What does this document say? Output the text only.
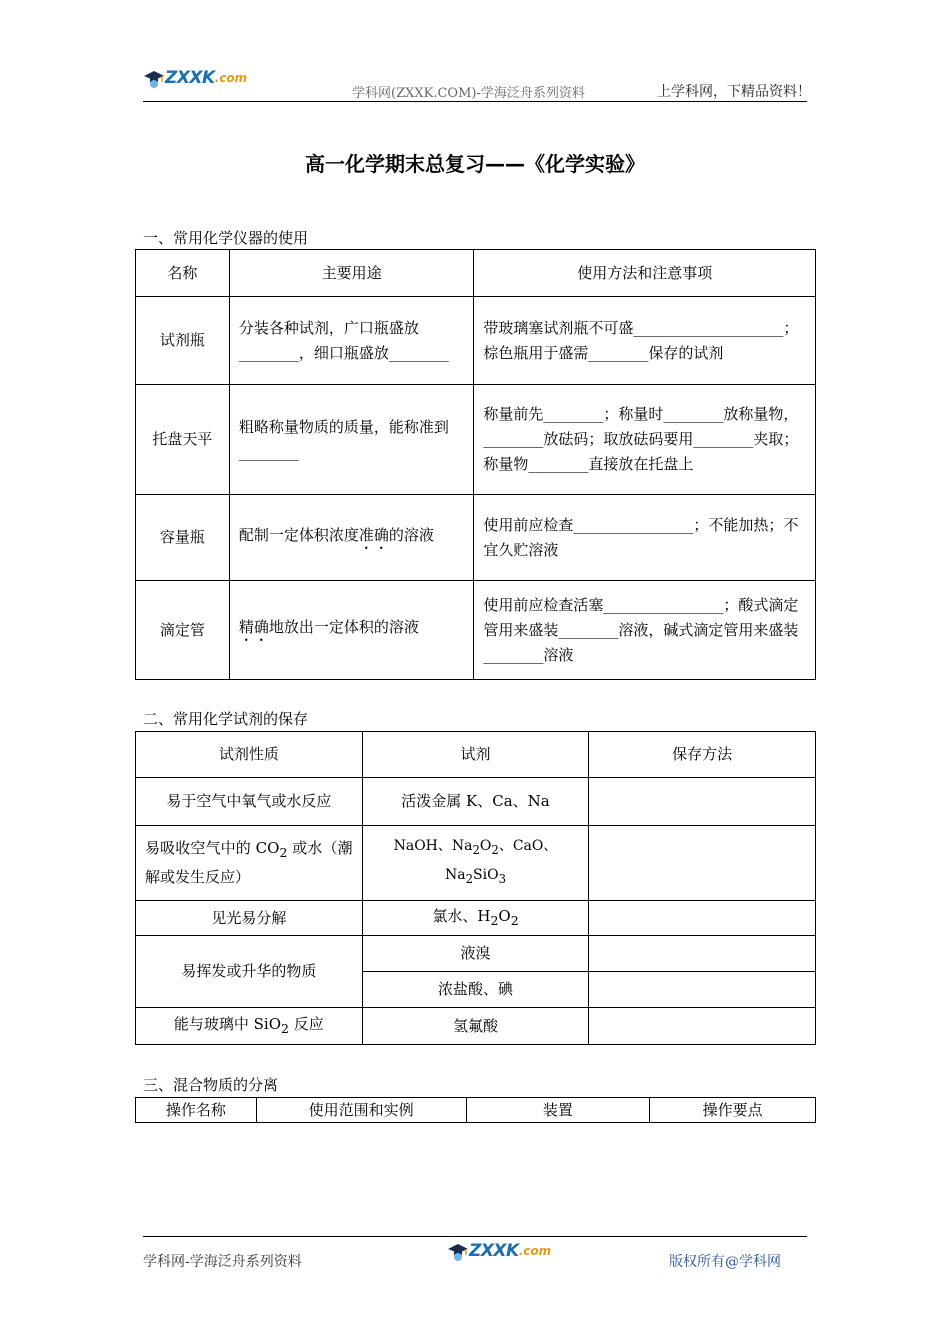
ZXXK .com
学科网(ZXXK.COM)-学海泛舟系列资料	上学科网，下精品资料！
高一化学期末总复习——《化学实验》
一、常用化学仪器的使用
名称	主要用途	使用方法和注意事项
试剂瓶	分装各种试剂，广口瓶盛放________，细口瓶盛放________	带玻璃塞试剂瓶不可盛____________________；棕色瓶用于盛需________保存的试剂
托盘天平	粗略称量物质的质量，能称准到________	称量前先________；称量时________放称量物，________放砝码；取放砝码要用________夹取；称量物________直接放在托盘上
容量瓶	配制一定体积浓度准确的溶液	使用前应检查________________；不能加热；不宜久贮溶液
滴定管	精确地放出一定体积的溶液	使用前应检查活塞________________；酸式滴定管用来盛装________溶液，碱式滴定管用来盛装________溶液
二、常用化学试剂的保存
试剂性质	试剂	保存方法
易于空气中氧气或水反应	活泼金属 K、Ca、Na	
易吸收空气中的 $CO_2$ 或水（潮解或发生反应）	NaOH、$Na_2O_2$、CaO、$Na_2SiO_3$	
见光易分解	氯水、$H_2O_2$	
易挥发或升华的物质	液溴	
	浓盐酸、碘	
能与玻璃中 SiO$_2$ 反应	氢氟酸	
三、混合物质的分离
操作名称	使用范围和实例	装置	操作要点
学科网-学海泛舟系列资料
ZXXK .com
版权所有@学科网
